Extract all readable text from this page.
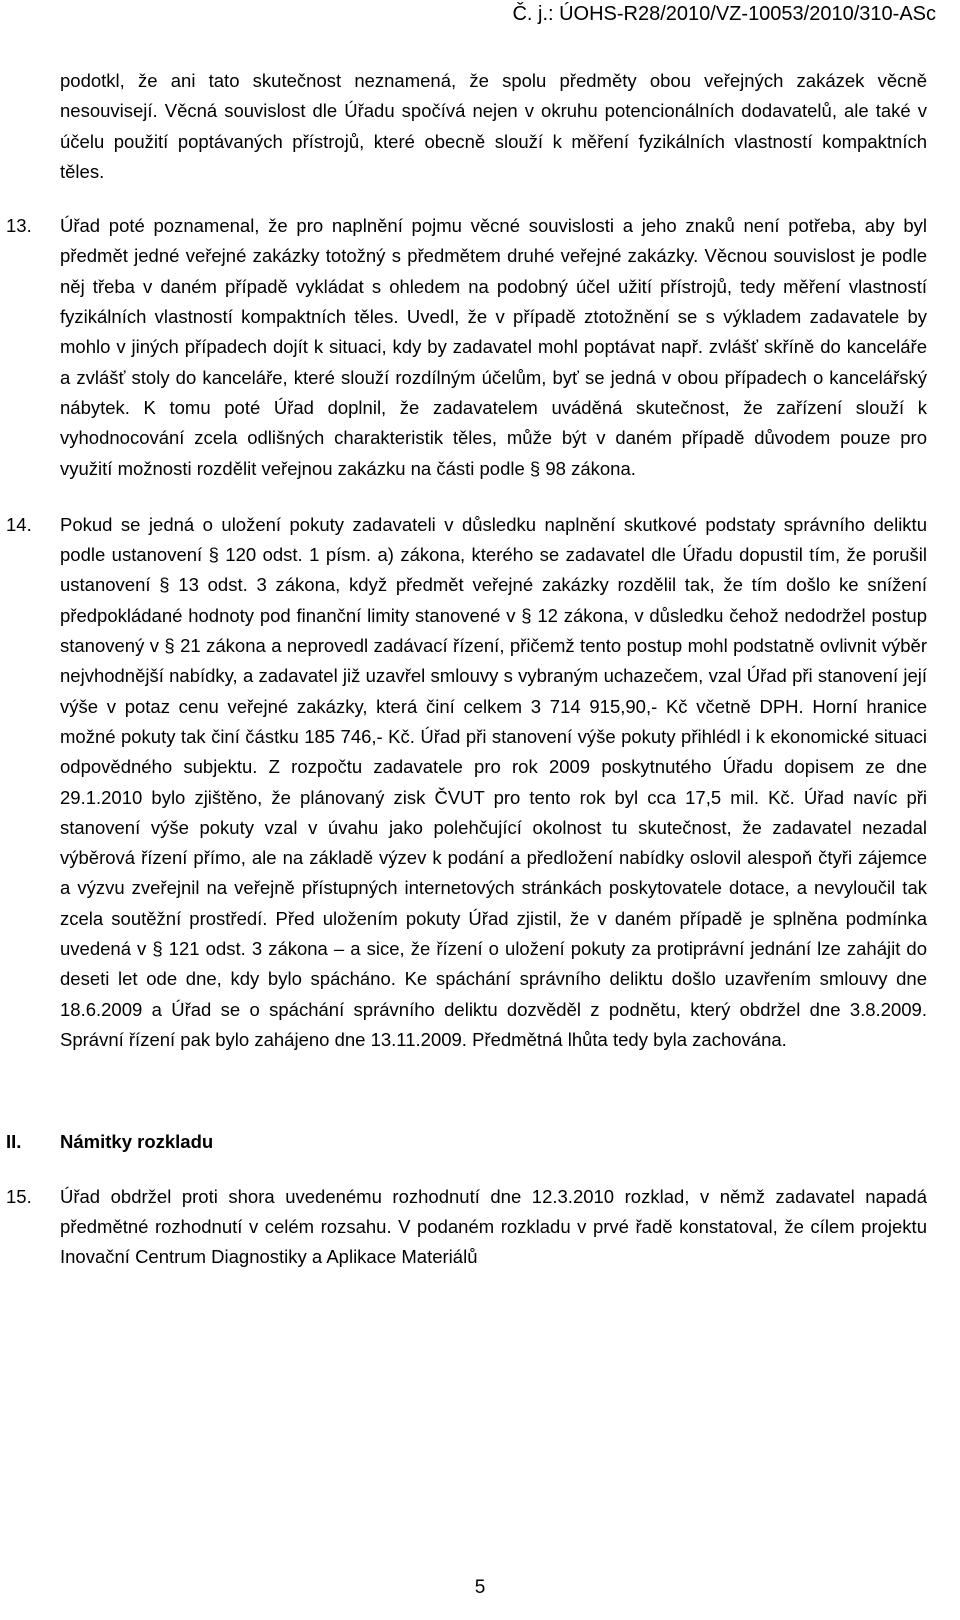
Č. j.: ÚOHS-R28/2010/VZ-10053/2010/310-ASc

podotkl, že ani tato skutečnost neznamená, že spolu předměty obou veřejných zakázek věcně nesouvisejí. Věcná souvislost dle Úřadu spočívá nejen v okruhu potencionálních dodavatelů, ale také v účelu použití poptávaných přístrojů, které obecně slouží k měření fyzikálních vlastností kompaktních těles.

13. Úřad poté poznamenal, že pro naplnění pojmu věcné souvislosti a jeho znaků není potřeba, aby byl předmět jedné veřejné zakázky totožný s předmětem druhé veřejné zakázky. Věcnou souvislost je podle něj třeba v daném případě vykládat s ohledem na podobný účel užití přístrojů, tedy měření vlastností fyzikálních vlastností kompaktních těles. Uvedl, že v případě ztotožnění se s výkladem zadavatele by mohlo v jiných případech dojít k situaci, kdy by zadavatel mohl poptávat např. zvlášť skříně do kanceláře a zvlášť stoly do kanceláře, které slouží rozdílným účelům, byť se jedná v obou případech o kancelářský nábytek. K tomu poté Úřad doplnil, že zadavatelem uváděná skutečnost, že zařízení slouží k vyhodnocování zcela odlišných charakteristik těles, může být v daném případě důvodem pouze pro využití možnosti rozdělit veřejnou zakázku na části podle § 98 zákona.

14. Pokud se jedná o uložení pokuty zadavateli v důsledku naplnění skutkové podstaty správního deliktu podle ustanovení § 120 odst. 1 písm. a) zákona, kterého se zadavatel dle Úřadu dopustil tím, že porušil ustanovení § 13 odst. 3 zákona, když předmět veřejné zakázky rozdělil tak, že tím došlo ke snížení předpokládané hodnoty pod finanční limity stanovené v § 12 zákona, v důsledku čehož nedodržel postup stanovený v § 21 zákona a neprovedl zadávací řízení, přičemž tento postup mohl podstatně ovlivnit výběr nejvhodnější nabídky, a zadavatel již uzavřel smlouvy s vybraným uchazečem, vzal Úřad při stanovení její výše v potaz cenu veřejné zakázky, která činí celkem 3 714 915,90,- Kč včetně DPH. Horní hranice možné pokuty tak činí částku 185 746,- Kč. Úřad při stanovení výše pokuty přihlédl i k ekonomické situaci odpovědného subjektu. Z rozpočtu zadavatele pro rok 2009 poskytnutého Úřadu dopisem ze dne 29.1.2010 bylo zjištěno, že plánovaný zisk ČVUT pro tento rok byl cca 17,5 mil. Kč. Úřad navíc při stanovení výše pokuty vzal v úvahu jako polehčující okolnost tu skutečnost, že zadavatel nezadal výběrová řízení přímo, ale na základě výzev k podání a předložení nabídky oslovil alespoň čtyři zájemce a výzvu zveřejnil na veřejně přístupných internetových stránkách poskytovatele dotace, a nevyloučil tak zcela soutěžní prostředí. Před uložením pokuty Úřad zjistil, že v daném případě je splněna podmínka uvedená v § 121 odst. 3 zákona – a sice, že řízení o uložení pokuty za protiprávní jednání lze zahájit do deseti let ode dne, kdy bylo spácháno. Ke spáchání správního deliktu došlo uzavřením smlouvy dne 18.6.2009 a Úřad se o spáchání správního deliktu dozvěděl z podnětu, který obdržel dne 3.8.2009. Správní řízení pak bylo zahájeno dne 13.11.2009. Předmětná lhůta tedy byla zachována.

II. Námitky rozkladu
15. Úřad obdržel proti shora uvedenému rozhodnutí dne 12.3.2010 rozklad, v němž zadavatel napadá předmětné rozhodnutí v celém rozsahu. V podaném rozkladu v prvé řadě konstatoval, že cílem projektu Inovační Centrum Diagnostiky a Aplikace Materiálů

5
